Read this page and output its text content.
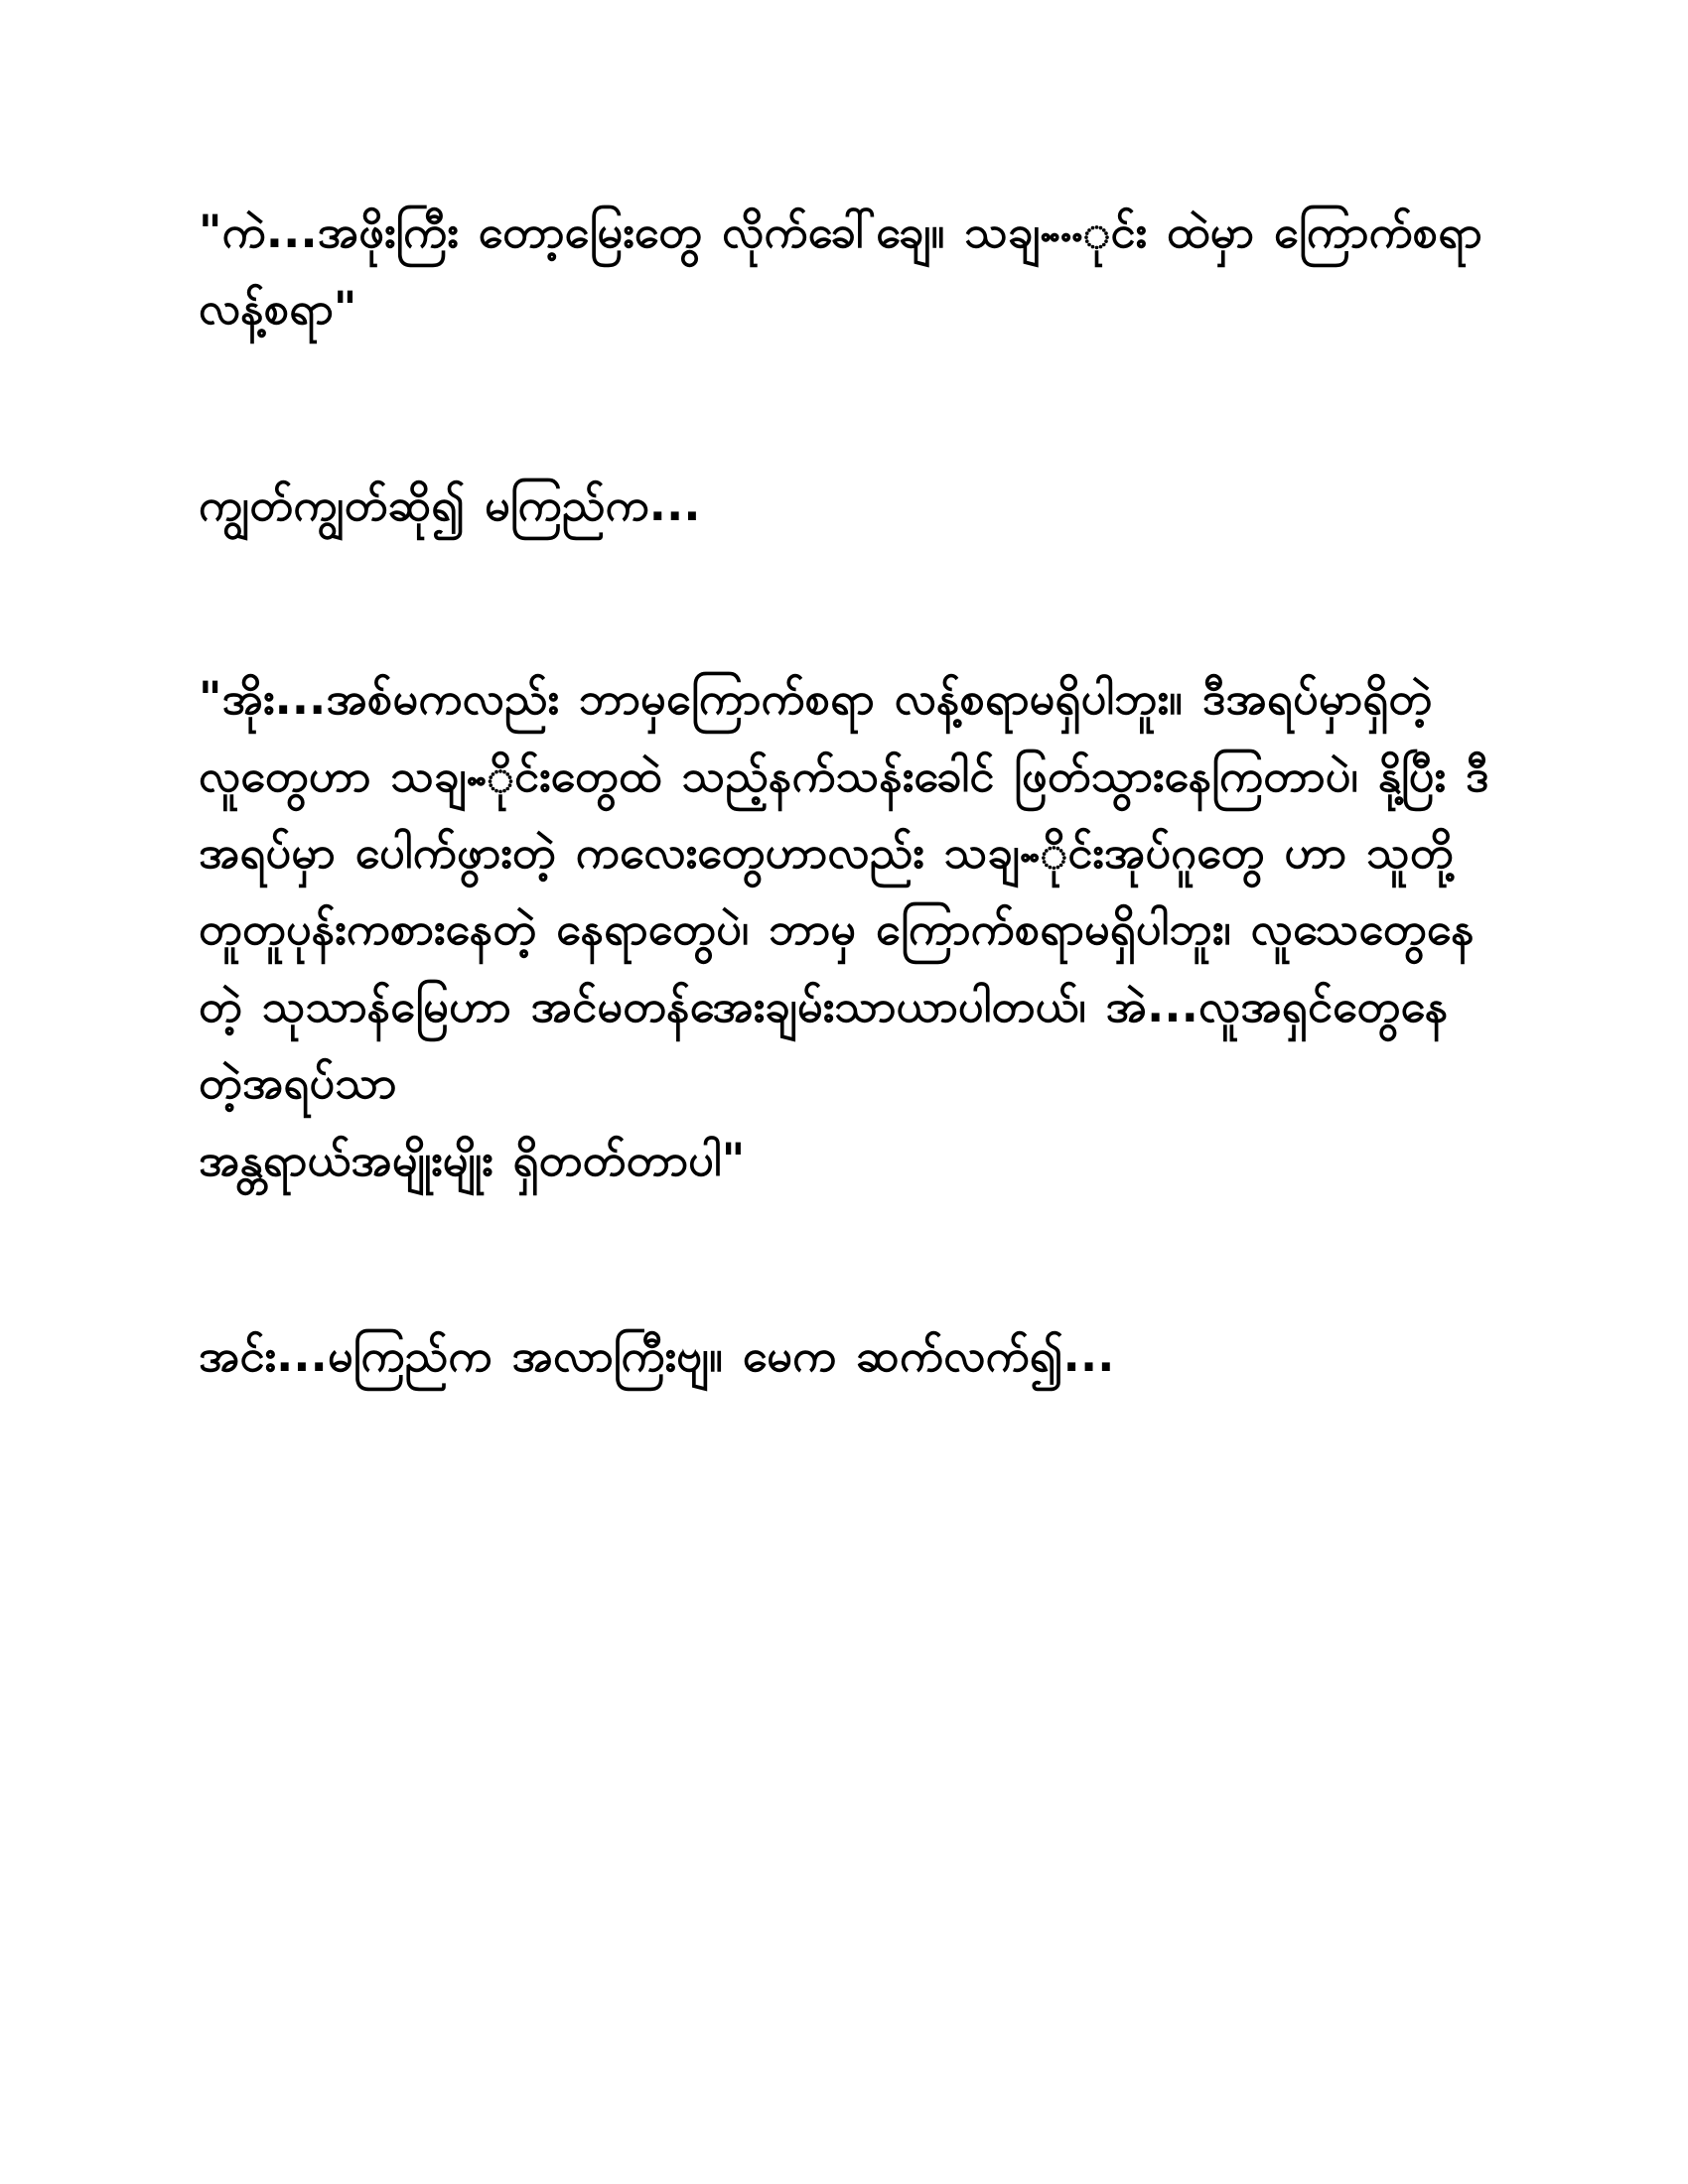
"ကဲ...အဖိုးကြီး တော့မြေးတွေ လိုက်ခေါ်ချေ။ သချႌႋႋုင်း ထဲမှာ ကြောက်စရာ လန့်စရာ"

ကျွတ်ကျွတ်ဆို၍ မကြည်က...

"အိုး...အစ်မကလည်း ဘာမှကြောက်စရာ လန့်စရာမရှိပါဘူး။ ဒီအရပ်မှာရှိတဲ့ လူတွေဟာ သချႌိုင်းတွေထဲ သည့်နက်သန်းခေါင် ဖြတ်သွားနေကြတာပဲ၊ နို့ပြီး ဒီအရပ်မှာ ပေါက်ဖွားတဲ့ ကလေးတွေဟာလည်း သချႌိုင်းအုပ်ဂူတွေ ဟာ သူတို့ တူတူပုန်းကစားနေတဲ့ နေရာတွေပဲ၊ ဘာမှ ကြောက်စရာမရှိပါဘူး၊ လူသေတွေနေတဲ့ သုသာန်မြေဟာ အင်မတန်အေးချမ်းသာယာပါတယ်၊ အဲ...လူအရှင်တွေနေ တဲ့အရပ်သာ

အန္တရာယ်အမျိုးမျိုး ရှိတတ်တာပါ"

အင်း...မကြည်က အလာကြီးဗျ။ မေက ဆက်လက်၍...
